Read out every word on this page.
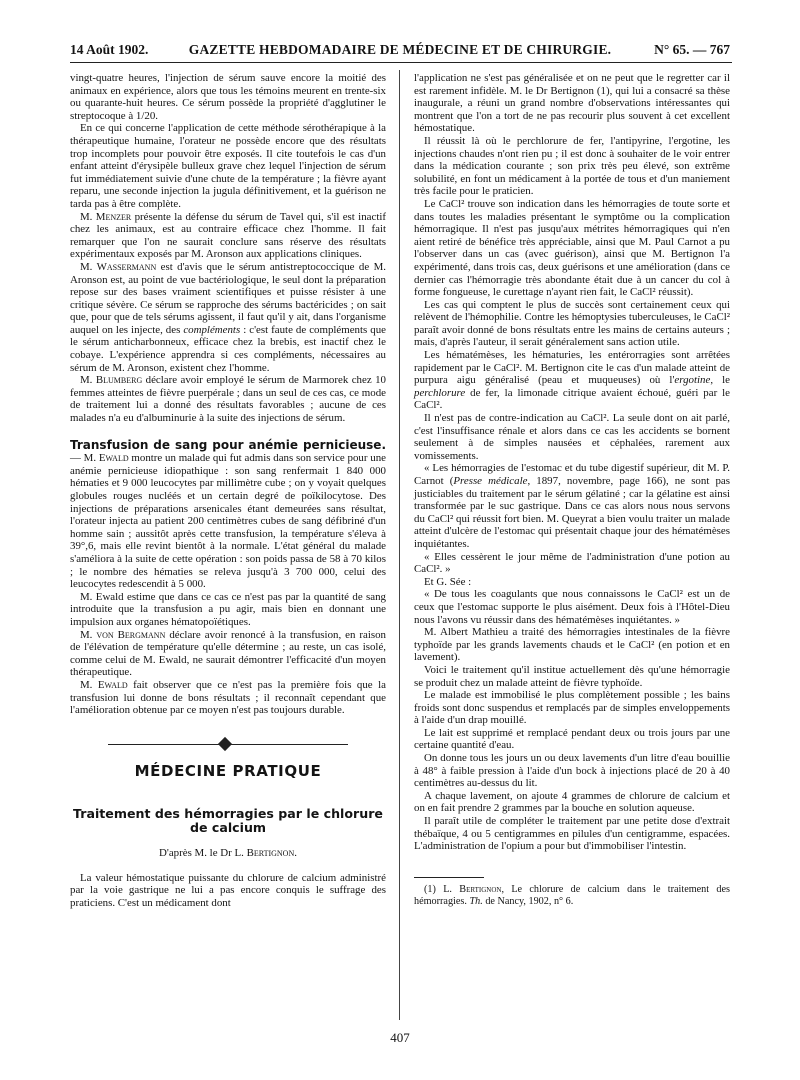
14 Août 1902.	GAZETTE HEBDOMADAIRE DE MÉDECINE ET DE CHIRURGIE.	N° 65. — 767

vingt-quatre heures, l'injection de sérum sauve encore la moitié des animaux en expérience, alors que tous les témoins meurent en trente-six ou quarante-huit heures. Ce sérum possède la propriété d'agglutiner le streptocoque à 1/20.

En ce qui concerne l'application de cette méthode sérothérapique à la thérapeutique humaine, l'orateur ne possède encore que des résultats trop incomplets pour pouvoir être exposés. Il cite toutefois le cas d'un enfant atteint d'érysipèle bulleux grave chez lequel l'injection de sérum fut immédiatement suivie d'une chute de la température ; la fièvre ayant reparu, une seconde injection la jugula définitivement, et la guérison ne tarda pas à être complète.

M. Menzer présente la défense du sérum de Tavel qui, s'il est inactif chez les animaux, est au contraire efficace chez l'homme. Il fait remarquer que l'on ne saurait conclure sans réserve des résultats expérimentaux exposés par M. Aronson aux applications cliniques.

M. Wassermann est d'avis que le sérum antistreptococcique de M. Aronson est, au point de vue bactériologique, le seul dont la préparation repose sur des bases vraiment scientifiques et puisse résister à une critique sévère. Ce sérum se rapproche des sérums bactéricides ; on sait que, pour que de tels sérums agissent, il faut qu'il y ait, dans l'organisme auquel on les injecte, des compléments : c'est faute de compléments que le sérum anticharbonneux, efficace chez la brebis, est inactif chez le cobaye. L'expérience apprendra si ces compléments, nécessaires au sérum de M. Aronson, existent chez l'homme.

M. Blumberg déclare avoir employé le sérum de Marmorek chez 10 femmes atteintes de fièvre puerpérale ; dans un seul de ces cas, ce mode de traitement lui a donné des résultats favorables ; aucune de ces malades n'a eu d'albuminurie à la suite des injections de sérum.

Transfusion de sang pour anémie pernicieuse. — M. Ewald montre un malade qui fut admis dans son service pour une anémie pernicieuse idiopathique : son sang renfermait 1 840 000 hématies et 9 000 leucocytes par millimètre cube ; on y voyait quelques globules rouges nucléés et un certain degré de poïkilocytose. Des injections de préparations arsenicales étant demeurées sans résultat, l'orateur injecta au patient 200 centimètres cubes de sang défibriné d'un homme sain ; aussitôt après cette transfusion, la température s'éleva à 39°,6, mais elle revint bientôt à la normale. L'état général du malade s'améliora à la suite de cette opération : son poids passa de 58 à 70 kilos ; le nombre des hématies se releva jusqu'à 3 700 000, celui des leucocytes redescendit à 5 000.

M. Ewald estime que dans ce cas ce n'est pas par la quantité de sang introduite que la transfusion a pu agir, mais bien en donnant une impulsion aux organes hématopoïétiques.

M. von Bergmann déclare avoir renoncé à la transfusion, en raison de l'élévation de température qu'elle détermine ; au reste, un cas isolé, comme celui de M. Ewald, ne saurait démontrer l'efficacité d'un moyen thérapeutique.

M. Ewald fait observer que ce n'est pas la première fois que la transfusion lui donne de bons résultats ; il reconnaît cependant que l'amélioration obtenue par ce moyen n'est pas toujours durable.

MÉDECINE PRATIQUE
Traitement des hémorragies par le chlorure de calcium
D'après M. le Dr L. Bertignon.

La valeur hémostatique puissante du chlorure de calcium administré par la voie gastrique ne lui a pas encore conquis le suffrage des praticiens. C'est un médicament dont

l'application ne s'est pas généralisée et on ne peut que le regretter car il est rarement infidèle. M. le Dr Bertignon (1), qui lui a consacré sa thèse inaugurale, a réuni un grand nombre d'observations intéressantes qui montrent que l'on a tort de ne pas recourir plus souvent à cet excellent hémostatique.

Il réussit là où le perchlorure de fer, l'antipyrine, l'ergotine, les injections chaudes n'ont rien pu ; il est donc à souhaiter de le voir entrer dans la médication courante ; son prix très peu élevé, son extrême solubilité, en font un médicament à la portée de tous et d'un maniement très facile pour le praticien.

Le CaCl² trouve son indication dans les hémorragies de toute sorte et dans toutes les maladies présentant le symptôme ou la complication hémorragique. Il n'est pas jusqu'aux métrites hémorragiques qui n'en aient retiré de bénéfice très appréciable, ainsi que M. Paul Carnot a pu l'observer dans un cas (avec guérison), ainsi que M. Bertignon l'a expérimenté, dans trois cas, deux guérisons et une amélioration (dans ce dernier cas l'hémorragie très abondante était due à un cancer du col à forme fongueuse, le curettage n'ayant rien fait, le CaCl² réussit).

Les cas qui comptent le plus de succès sont certainement ceux qui relèvent de l'hémophilie. Contre les hémoptysies tuberculeuses, le CaCl² paraît avoir donné de bons résultats entre les mains de certains auteurs ; mais, d'après l'auteur, il serait généralement sans action utile.

Les hématémèses, les hématuries, les entérorragies sont arrêtées rapidement par le CaCl². M. Bertignon cite le cas d'un malade atteint de purpura aigu généralisé (peau et muqueuses) où l'ergotine, le perchlorure de fer, la limonade citrique avaient échoué, guéri par le CaCl².

Il n'est pas de contre-indication au CaCl². La seule dont on ait parlé, c'est l'insuffisance rénale et alors dans ce cas les accidents se bornent seulement à de simples nausées et céphalées, rarement aux vomissements.

« Les hémorragies de l'estomac et du tube digestif supérieur, dit M. P. Carnot (Presse médicale, 1897, novembre, page 166), ne sont pas justiciables du traitement par le sérum gélatiné ; car la gélatine est ainsi transformée par le suc gastrique. Dans ce cas alors nous nous servons du CaCl² qui réussit fort bien. M. Queyrat a bien voulu traiter un malade atteint d'ulcère de l'estomac qui présentait chaque jour des hématémèses inquiétantes.

« Elles cessèrent le jour même de l'administration d'une potion au CaCl². »

Et G. Sée :

« De tous les coagulants que nous connaissons le CaCl² est un de ceux que l'estomac supporte le plus aisément. Deux fois à l'Hôtel-Dieu nous l'avons vu réussir dans des hématémèses inquiétantes. »

M. Albert Mathieu a traité des hémorragies intestinales de la fièvre typhoïde par les grands lavements chauds et le CaCl² (en potion et en lavement).

Voici le traitement qu'il institue actuellement dès qu'une hémorragie se produit chez un malade atteint de fièvre typhoïde.

Le malade est immobilisé le plus complètement possible ; les bains froids sont donc suspendus et remplacés par de simples enveloppements à l'aide d'un drap mouillé.

Le lait est supprimé et remplacé pendant deux ou trois jours par une certaine quantité d'eau.

On donne tous les jours un ou deux lavements d'un litre d'eau bouillie à 48° à faible pression à l'aide d'un bock à injections placé de 20 à 40 centimètres au-dessus du lit.

A chaque lavement, on ajoute 4 grammes de chlorure de calcium et on en fait prendre 2 grammes par la bouche en solution aqueuse.

Il paraît utile de compléter le traitement par une petite dose d'extrait thébaïque, 4 ou 5 centigrammes en pilules d'un centigramme, espacées. L'administration de l'opium a pour but d'immobiliser l'intestin.

(1) L. Bertignon, Le chlorure de calcium dans le traitement des hémorragies. Th. de Nancy, 1902, n° 6.

407
